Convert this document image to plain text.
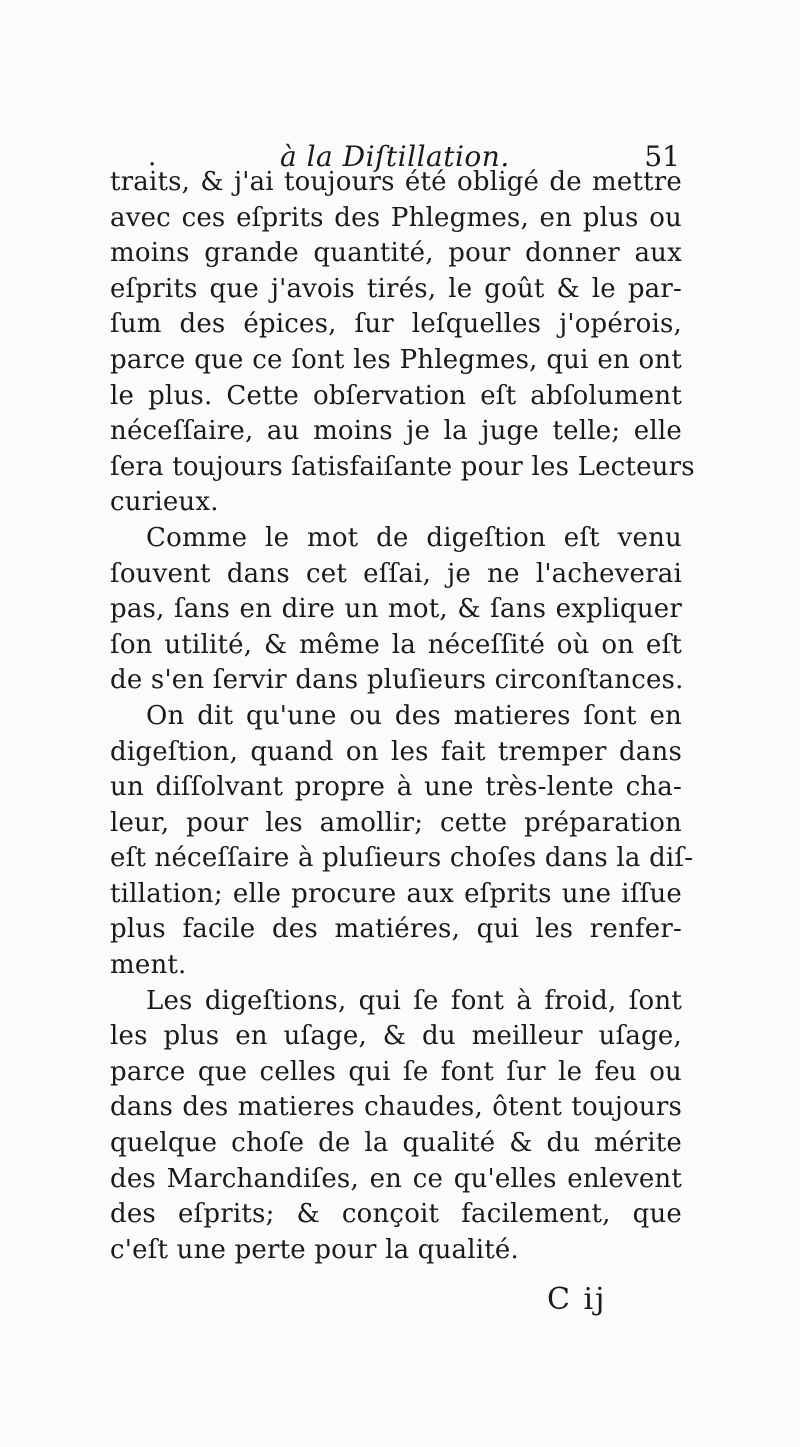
.	à la Diſtillation.	51
traits, & j'ai toujours été obligé de mettre
avec ces eſprits des Phlegmes, en plus ou
moins grande quantité, pour donner aux
eſprits que j'avois tirés, le goût & le par-
ſum des épices, ſur leſquelles j'opérois,
parce que ce ſont les Phlegmes, qui en ont
le plus. Cette obſervation eſt abſolument
néceſſaire, au moins je la juge telle; elle
ſera toujours ſatisfaiſante pour les Lecteurs
curieux.
Comme le mot de digeſtion eſt venu
ſouvent dans cet eſſai, je ne l'acheverai
pas, ſans en dire un mot, & ſans expliquer
ſon utilité, & même la néceſſité où on eſt
de s'en ſervir dans pluſieurs circonſtances.
On dit qu'une ou des matieres ſont en
digeſtion, quand on les fait tremper dans
un diſſolvant propre à une très-lente cha-
leur, pour les amollir; cette préparation
eſt néceſſaire à pluſieurs choſes dans la diſ-
tillation; elle procure aux eſprits une iſſue
plus facile des matiéres, qui les renfer-
ment.
Les digeſtions, qui ſe font à froid, ſont
les plus en uſage, & du meilleur uſage,
parce que celles qui ſe font ſur le feu ou
dans des matieres chaudes, ôtent toujours
quelque choſe de la qualité & du mérite
des Marchandiſes, en ce qu'elles enlevent
des eſprits; & conçoit facilement, que
c'eſt une perte pour la qualité.
C ij
